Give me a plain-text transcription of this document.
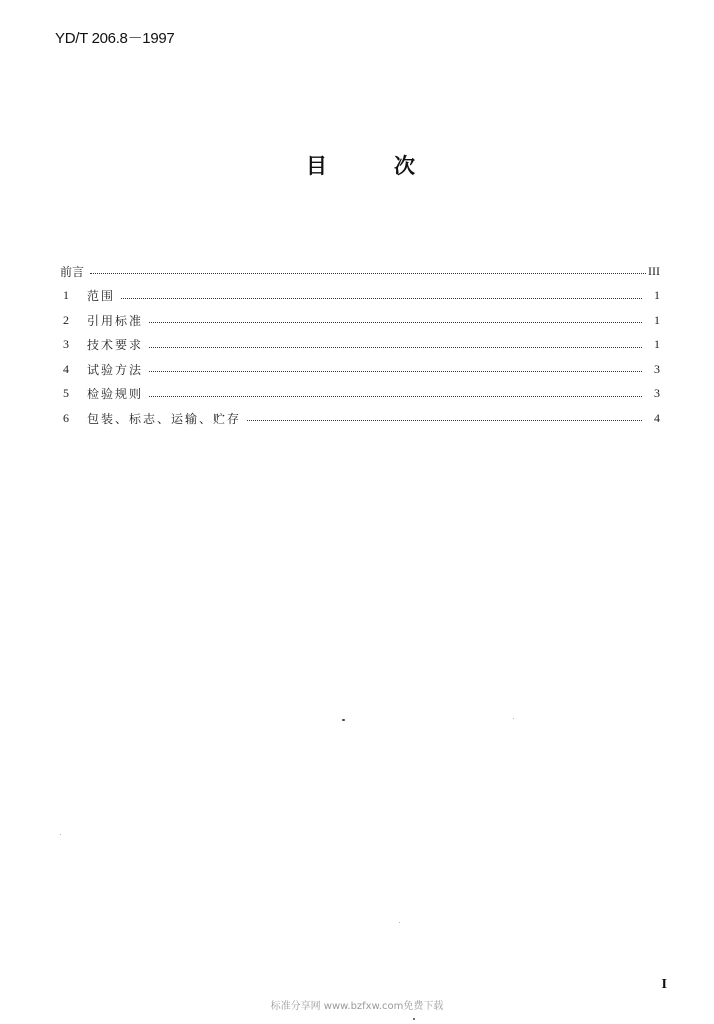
YD/T 206.8－1997
目	次
前言	III
1	范围	1
2	引用标准	1
3	技术要求	1
4	试验方法	3
5	检验规则	3
6	包装、标志、运输、贮存	4
I
标准分享网 www.bzfxw.com免费下载
